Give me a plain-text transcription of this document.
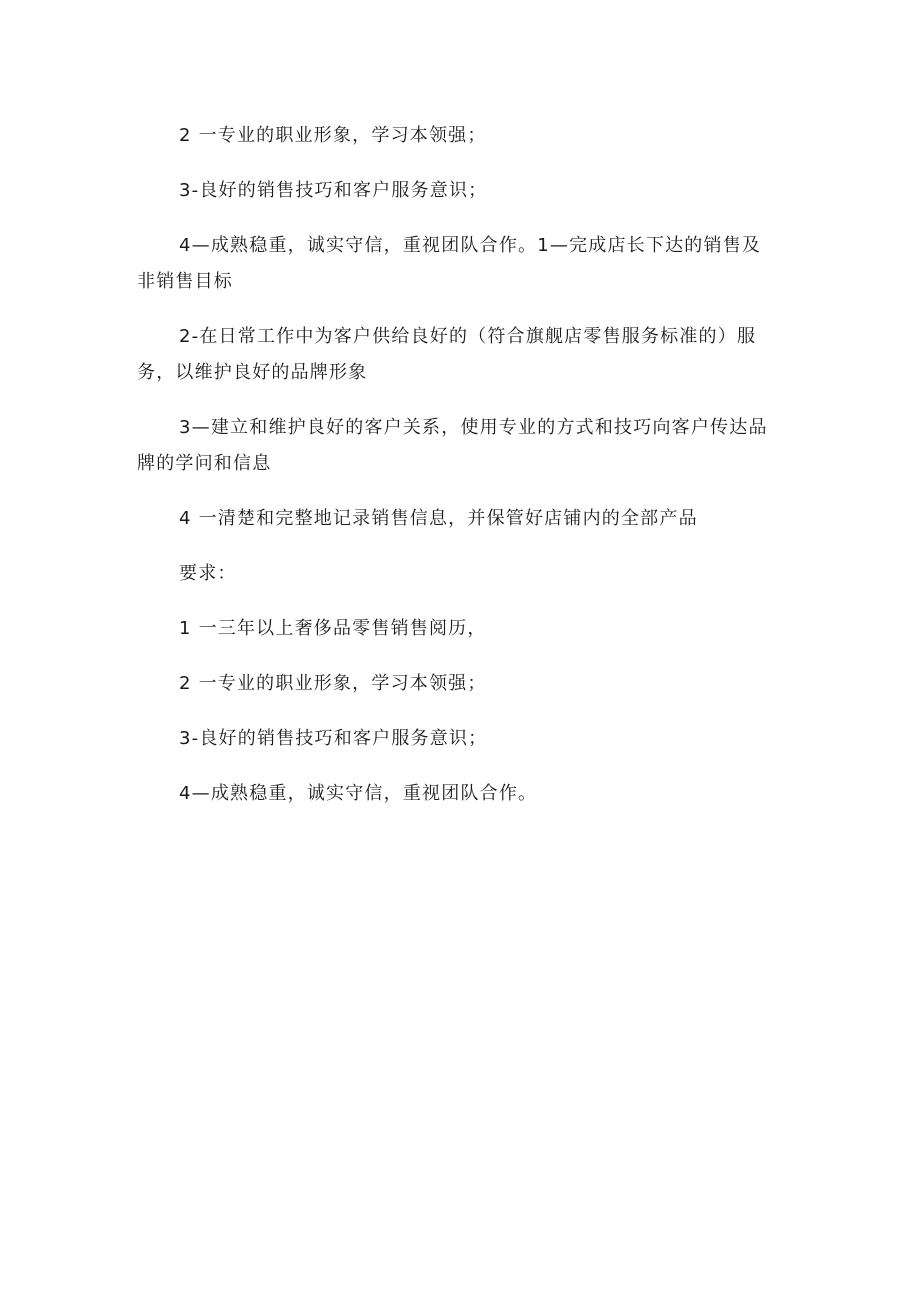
2 一专业的职业形象，学习本领强；

3-良好的销售技巧和客户服务意识；

4—成熟稳重，诚实守信，重视团队合作。1—完成店长下达的销售及非销售目标

2-在日常工作中为客户供给良好的（符合旗舰店零售服务标准的）服务，以维护良好的品牌形象

3—建立和维护良好的客户关系，使用专业的方式和技巧向客户传达品牌的学问和信息

4 一清楚和完整地记录销售信息，并保管好店铺内的全部产品

要求：

1 一三年以上奢侈品零售销售阅历，

2 一专业的职业形象，学习本领强；

3-良好的销售技巧和客户服务意识；

4—成熟稳重，诚实守信，重视团队合作。
